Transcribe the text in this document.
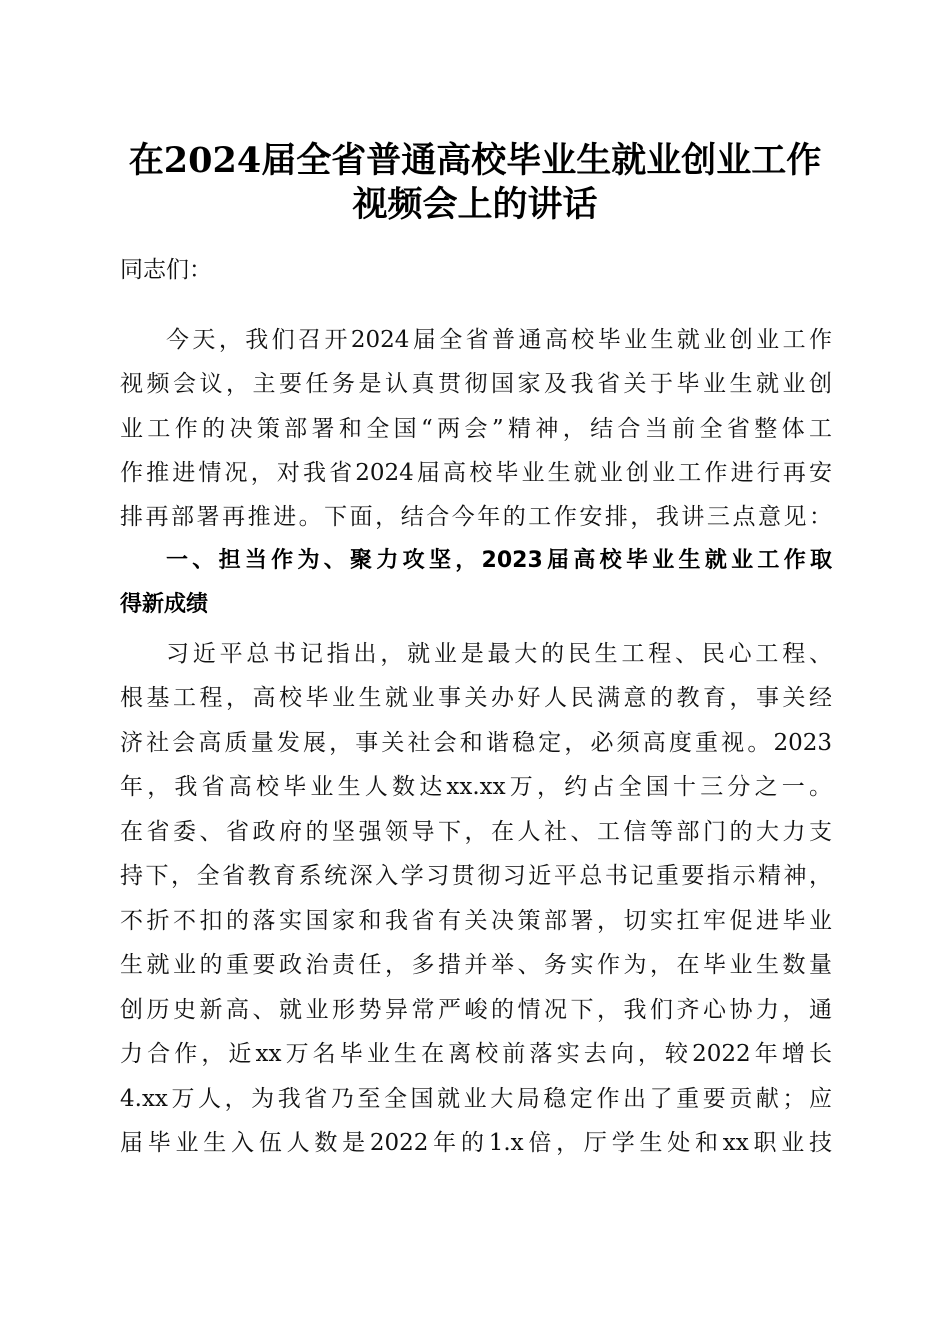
在2024届全省普通高校毕业生就业创业工作
视频会上的讲话
同志们：
今天，我们召开2024届全省普通高校毕业生就业创业工作
视频会议，主要任务是认真贯彻国家及我省关于毕业生就业创
业工作的决策部署和全国“两会”精神，结合当前全省整体工
作推进情况，对我省2024届高校毕业生就业创业工作进行再安
排再部署再推进。下面，结合今年的工作安排，我讲三点意见：
一、担当作为、聚力攻坚，2023届高校毕业生就业工作取
得新成绩
习近平总书记指出，就业是最大的民生工程、民心工程、
根基工程，高校毕业生就业事关办好人民满意的教育，事关经
济社会高质量发展，事关社会和谐稳定，必须高度重视。2023
年，我省高校毕业生人数达xx.xx万，约占全国十三分之一。
在省委、省政府的坚强领导下，在人社、工信等部门的大力支
持下，全省教育系统深入学习贯彻习近平总书记重要指示精神，
不折不扣的落实国家和我省有关决策部署，切实扛牢促进毕业
生就业的重要政治责任，多措并举、务实作为，在毕业生数量
创历史新高、就业形势异常严峻的情况下，我们齐心协力，通
力合作，近xx万名毕业生在离校前落实去向，较2022年增长
4.xx万人，为我省乃至全国就业大局稳定作出了重要贡献；应
届毕业生入伍人数是2022年的1.x倍，厅学生处和xx职业技
